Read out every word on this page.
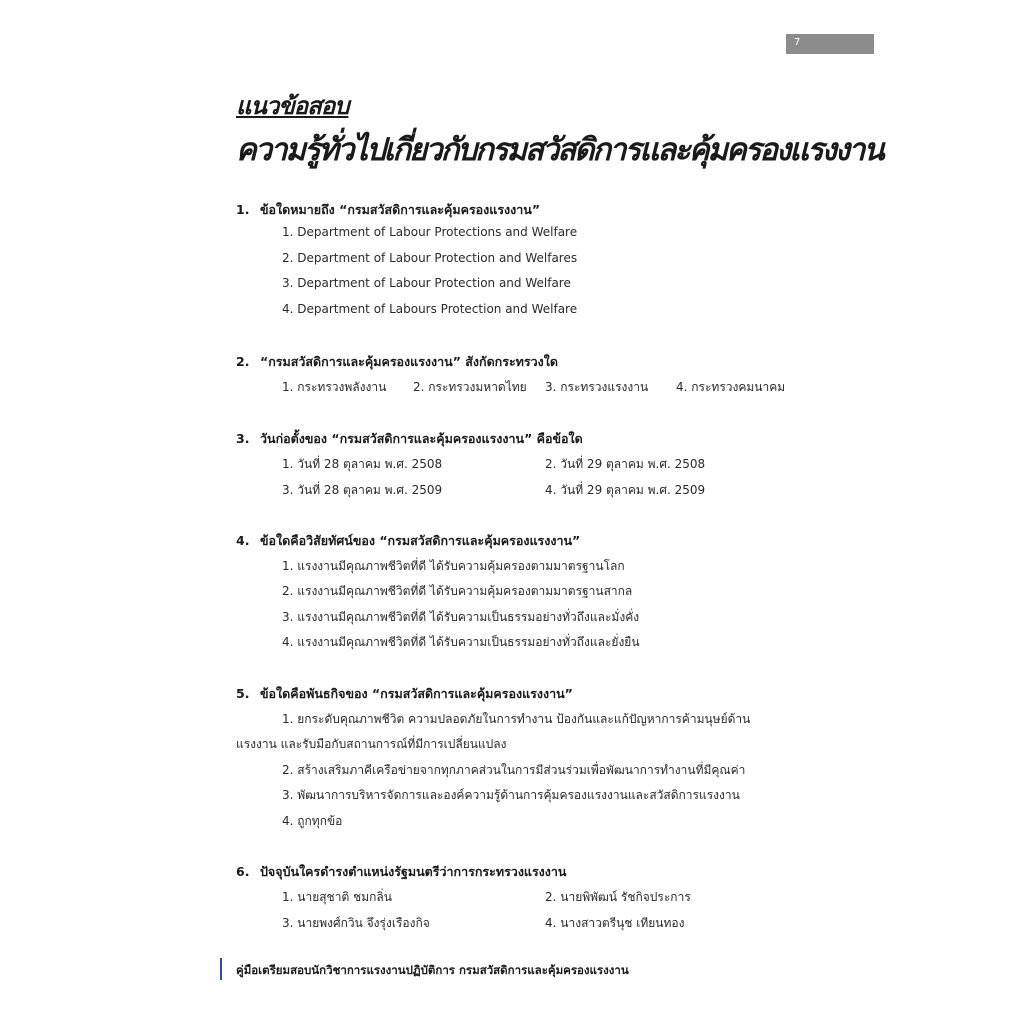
7
แนวข้อสอบ
ความรู้ทั่วไปเกี่ยวกับกรมสวัสดิการและคุ้มครองแรงงาน
1. ข้อใดหมายถึง “กรมสวัสดิการและคุ้มครองแรงงาน”
1. Department of Labour Protections and Welfare
2. Department of Labour Protection and Welfares
3. Department of Labour Protection and Welfare
4. Department of Labours Protection and Welfare
2. “กรมสวัสดิการและคุ้มครองแรงงาน” สังกัดกระทรวงใด
1. กระทรวงพลังงาน 2. กระทรวงมหาดไทย 3. กระทรวงแรงงาน 4. กระทรวงคมนาคม
3. วันก่อตั้งของ “กรมสวัสดิการและคุ้มครองแรงงาน” คือข้อใด
1. วันที่ 28 ตุลาคม พ.ศ. 2508	2. วันที่ 29 ตุลาคม พ.ศ. 2508
3. วันที่ 28 ตุลาคม พ.ศ. 2509	4. วันที่ 29 ตุลาคม พ.ศ. 2509
4. ข้อใดคือวิสัยทัศน์ของ “กรมสวัสดิการและคุ้มครองแรงงาน”
1. แรงงานมีคุณภาพชีวิตที่ดี ได้รับความคุ้มครองตามมาตรฐานโลก
2. แรงงานมีคุณภาพชีวิตที่ดี ได้รับความคุ้มครองตามมาตรฐานสากล
3. แรงงานมีคุณภาพชีวิตที่ดี ได้รับความเป็นธรรมอย่างทั่วถึงและมั่งคั่ง
4. แรงงานมีคุณภาพชีวิตที่ดี ได้รับความเป็นธรรมอย่างทั่วถึงและยั่งยืน
5. ข้อใดคือพันธกิจของ “กรมสวัสดิการและคุ้มครองแรงงาน”
1. ยกระดับคุณภาพชีวิต ความปลอดภัยในการทำงาน ป้องกันและแก้ปัญหาการค้ามนุษย์ด้าน
แรงงาน และรับมือกับสถานการณ์ที่มีการเปลี่ยนแปลง
2. สร้างเสริมภาคีเครือข่ายจากทุกภาคส่วนในการมีส่วนร่วมเพื่อพัฒนาการทำงานที่มีคุณค่า
3. พัฒนาการบริหารจัดการและองค์ความรู้ด้านการคุ้มครองแรงงานและสวัสดิการแรงงาน
4. ถูกทุกข้อ
6. ปัจจุบันใครดำรงตำแหน่งรัฐมนตรีว่าการกระทรวงแรงงาน
1. นายสุชาติ ชมกลิ่น	2. นายพิพัฒน์ รัชกิจประการ
3. นายพงศ์กวิน จึงรุ่งเรืองกิจ	4. นางสาวตรีนุช เทียนทอง
คู่มือเตรียมสอบนักวิชาการแรงงานปฏิบัติการ กรมสวัสดิการและคุ้มครองแรงงาน
